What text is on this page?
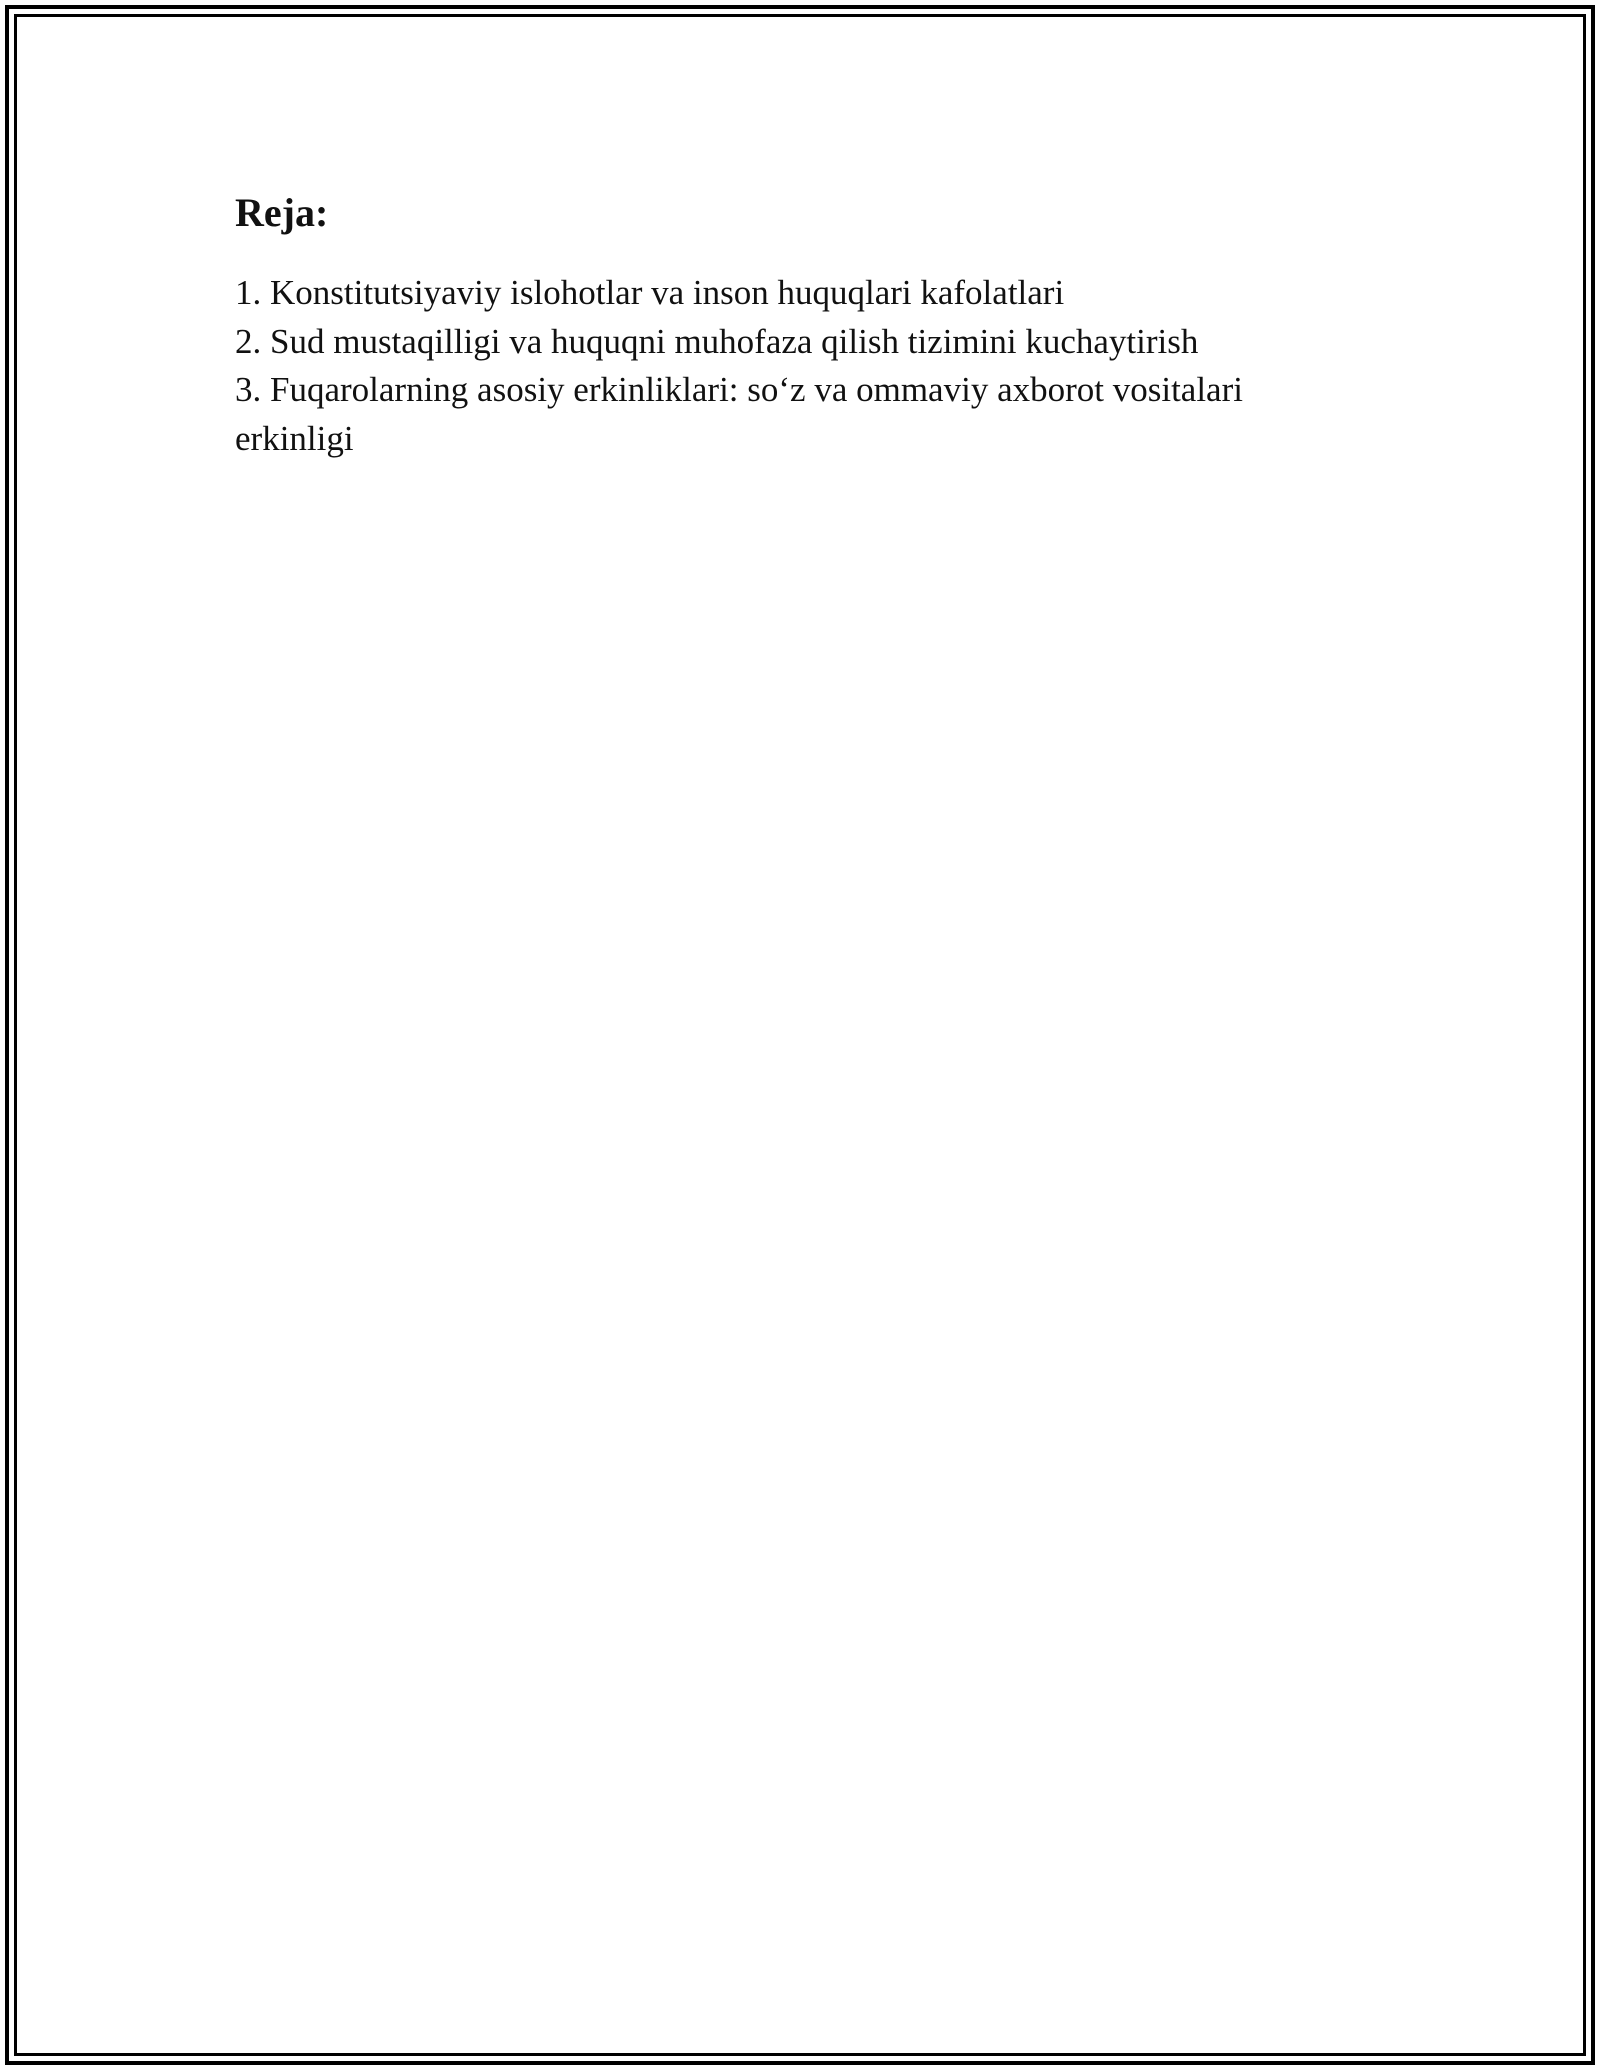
Reja:
1. Konstitutsiyaviy islohotlar va inson huquqlari kafolatlari
2. Sud mustaqilligi va huquqni muhofaza qilish tizimini kuchaytirish
3. Fuqarolarning asosiy erkinliklari: so‘z va ommaviy axborot vositalari erkinligi
